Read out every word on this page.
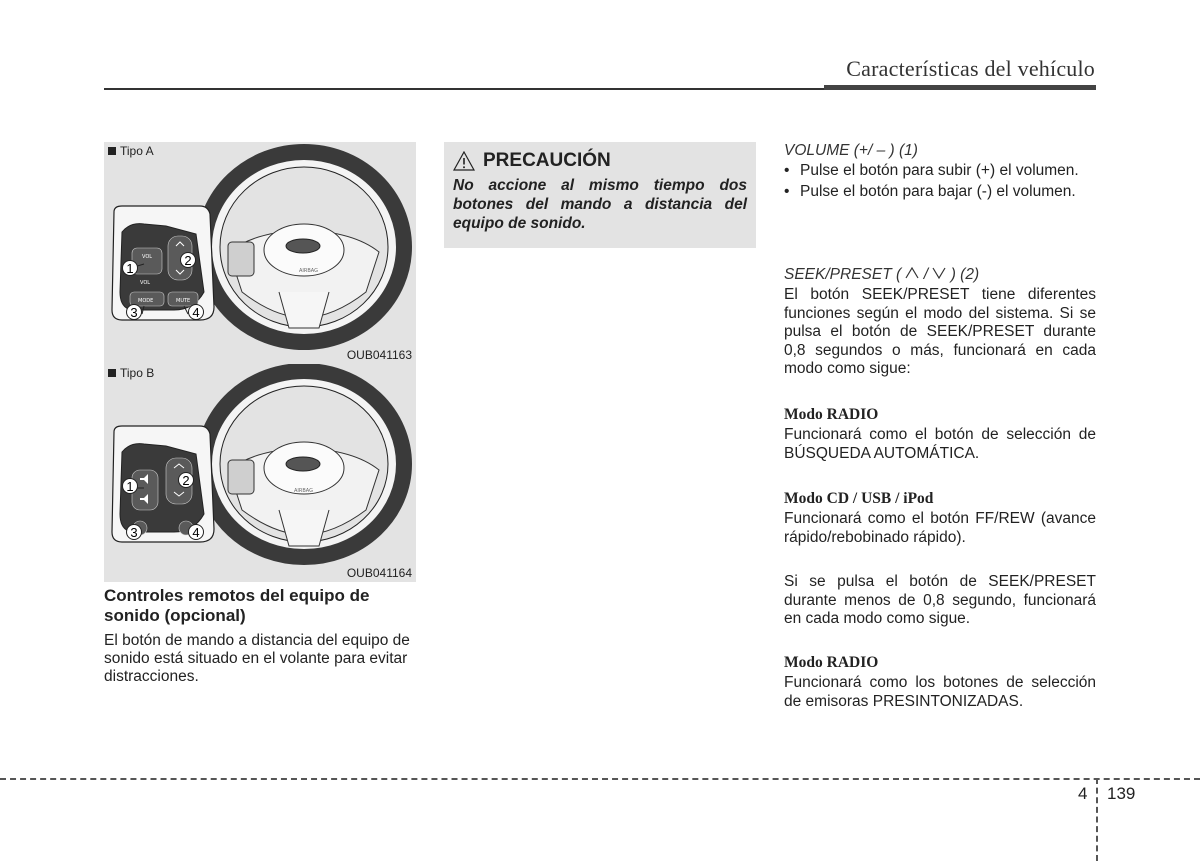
Características del vehículo
AIRBAG
VOL
VOL
MODE	MUTE
1
2
3	4
Tipo A
OUB041163
AIRBAG
1	2
3	4
Tipo B
OUB041164
Controles remotos del equipo de sonido (opcional)
El botón de mando a distancia del equipo de sonido está situado en el volante para evitar distracciones.
PRECAUCIÓN
No accione al mismo tiempo dos botones del mando a distancia del equipo de sonido.
VOLUME (+/ – ) (1)
• Pulse el botón para subir (+) el volumen.
• Pulse el botón para bajar (-) el volumen.
SEEK/PRESET (  /  ) (2)
El botón SEEK/PRESET tiene diferentes funciones según el modo del sistema. Si se pulsa el botón de SEEK/PRESET durante 0,8 segundos o más, funcionará en cada modo como sigue:
Modo RADIO
Funcionará como el botón de selección de BÚSQUEDA AUTOMÁTICA.
Modo CD / USB / iPod
Funcionará como el botón FF/REW (avance rápido/rebobinado rápido).
Si se pulsa el botón de SEEK/PRESET durante menos de 0,8 segundo, funcionará en cada modo como sigue.
Modo RADIO
Funcionará como los botones de selección de emisoras PRESINTONIZADAS.
4 139
